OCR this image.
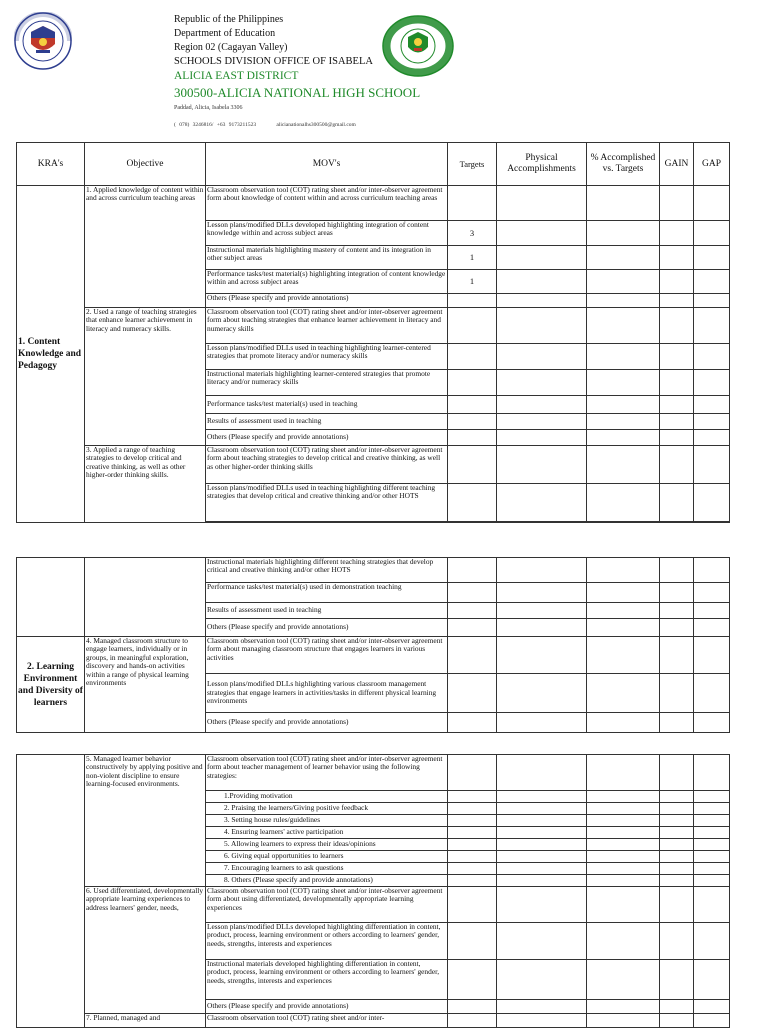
Republic of the Philippines
Department of Education
Region 02 (Cagayan Valley)
SCHOOLS DIVISION OFFICE OF ISABELA
ALICIA EAST DISTRICT
300500-ALICIA NATIONAL HIGH SCHOOL
Paddad, Alicia, Isabela 3306
( 078) 3246816/ +63 9173211523	alicianationalhs300500@gmail.com
KRA's	Objective	MOV's	Targets	Physical Accomplishments	% Accomplished vs. Targets	GAIN	GAP
1. Content Knowledge and Pedagogy	1. Applied knowledge of content within and across curriculum teaching areas	Classroom observation tool (COT) rating sheet and/or inter-observer agreement form about knowledge of content within and across curriculum teaching areas					
		Lesson plans/modified DLLs developed highlighting integration of content knowledge within and across subject areas	3				
		Instructional materials highlighting mastery of content and its integration in other subject areas	1				
		Performance tasks/test material(s) highlighting integration of content knowledge within and across subject areas	1				
		Others (Please specify and provide annotations)					
	2. Used a range of teaching strategies that enhance learner achievement in literacy and numeracy skills.	Classroom observation tool (COT) rating sheet and/or inter-observer agreement form about teaching strategies that enhance learner achievement in literacy and numeracy skills					
		Lesson plans/modified DLLs used in teaching highlighting learner-centered strategies that promote literacy and/or numeracy skills					
		Instructional materials highlighting learner-centered strategies that promote literacy and/or numeracy skills					
		Performance tasks/test material(s) used in teaching					
		Results of assessment used in teaching					
		Others (Please specify and provide annotations)					
	3. Applied a range of teaching strategies to develop critical and creative thinking, as well as other higher-order thinking skills.	Classroom observation tool (COT) rating sheet and/or inter-observer agreement form about teaching strategies to develop critical and creative thinking, as well as other higher-order thinking skills					
		Lesson plans/modified DLLs used in teaching highlighting different teaching strategies that develop critical and creative thinking and/or other HOTS					

		Instructional materials highlighting different teaching strategies that develop critical and creative thinking and/or other HOTS					
		Performance tasks/test material(s) used in demonstration teaching					
		Results of assessment used in teaching					
		Others (Please specify and provide annotations)					
2. Learning Environment and Diversity of learners	4. Managed classroom structure to engage learners, individually or in groups, in meaningful exploration, discovery and hands-on activities within a range of physical learning environments	Classroom observation tool (COT) rating sheet and/or inter-observer agreement form about managing classroom structure that engages learners in various activities					
		Lesson plans/modified DLLs highlighting various classroom management strategies that engage learners in activities/tasks in different physical learning environments					
		Others (Please specify and provide annotations)					
	5. Managed learner behavior constructively by applying positive and non-violent discipline to ensure learning-focused environments.	Classroom observation tool (COT) rating sheet and/or inter-observer agreement form about teacher management of learner behavior using the following strategies:					
		1.Providing motivation					
		2. Praising the learners/Giving positive feedback					
		3. Setting house rules/guidelines					
		4. Ensuring learners' active participation					
		5. Allowing learners to express their ideas/opinions					
		6. Giving equal opportunities to learners					
		7. Encouraging learners to ask questions					
		8. Others (Please specify and provide annotations)					
	6. Used differentiated, developmentally appropriate learning experiences to address learners' gender, needs,	Classroom observation tool (COT) rating sheet and/or inter-observer agreement form about using differentiated, developmentally appropriate learning experiences					
		Lesson plans/modified DLLs developed highlighting differentiation in content, product, process, learning environment or others according to learners' gender, needs, strengths, interests and experiences					
		Instructional materials developed highlighting differentiation in content, product, process, learning environment or others according to learners' gender, needs, strengths, interests and experiences					
		Others (Please specify and provide annotations)					
	7. Planned, managed and	Classroom observation tool (COT) rating sheet and/or inter-					
